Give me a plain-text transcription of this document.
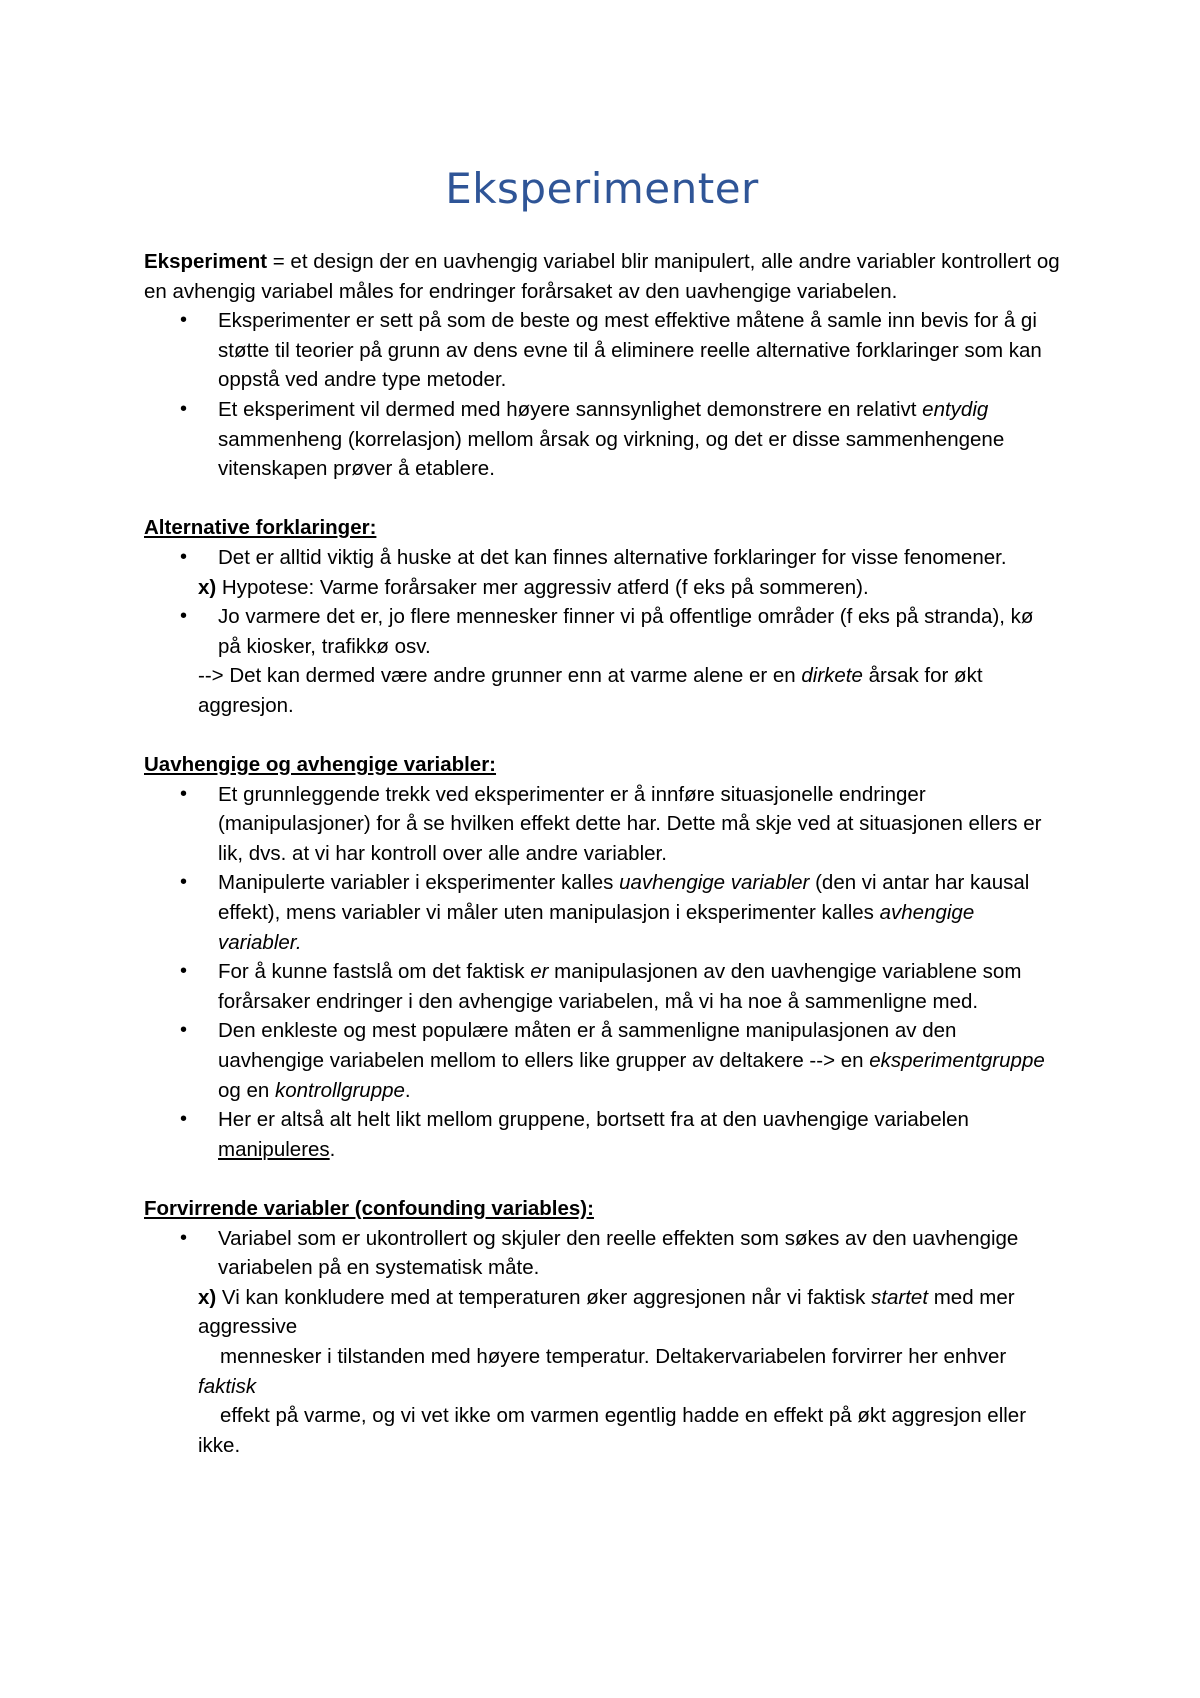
Eksperimenter

Eksperiment = et design der en uavhengig variabel blir manipulert, alle andre variabler kontrollert og en avhengig variabel måles for endringer forårsaket av den uavhengige variabelen.

• Eksperimenter er sett på som de beste og mest effektive måtene å samle inn bevis for å gi støtte til teorier på grunn av dens evne til å eliminere reelle alternative forklaringer som kan oppstå ved andre type metoder.
• Et eksperiment vil dermed med høyere sannsynlighet demonstrere en relativt entydig sammenheng (korrelasjon) mellom årsak og virkning, og det er disse sammenhengene vitenskapen prøver å etablere.

Alternative forklaringer:

• Det er alltid viktig å huske at det kan finnes alternative forklaringer for visse fenomener.

x) Hypotese: Varme forårsaker mer aggressiv atferd (f eks på sommeren).

• Jo varmere det er, jo flere mennesker finner vi på offentlige områder (f eks på stranda), kø på kiosker, trafikkø osv.

--> Det kan dermed være andre grunner enn at varme alene er en dirkete årsak for økt aggresjon.

Uavhengige og avhengige variabler:

• Et grunnleggende trekk ved eksperimenter er å innføre situasjonelle endringer (manipulasjoner) for å se hvilken effekt dette har. Dette må skje ved at situasjonen ellers er lik, dvs. at vi har kontroll over alle andre variabler.
• Manipulerte variabler i eksperimenter kalles uavhengige variabler (den vi antar har kausal effekt), mens variabler vi måler uten manipulasjon i eksperimenter kalles avhengige variabler.
• For å kunne fastslå om det faktisk er manipulasjonen av den uavhengige variablene som forårsaker endringer i den avhengige variabelen, må vi ha noe å sammenligne med.
• Den enkleste og mest populære måten er å sammenligne manipulasjonen av den uavhengige variabelen mellom to ellers like grupper av deltakere --> en eksperimentgruppe og en kontrollgruppe.
• Her er altså alt helt likt mellom gruppene, bortsett fra at den uavhengige variabelen manipuleres.

Forvirrende variabler (confounding variables):

• Variabel som er ukontrollert og skjuler den reelle effekten som søkes av den uavhengige variabelen på en systematisk måte.

x) Vi kan konkludere med at temperaturen øker aggresjonen når vi faktisk startet med mer aggressive

mennesker i tilstanden med høyere temperatur. Deltakervariabelen forvirrer her enhver faktisk

effekt på varme, og vi vet ikke om varmen egentlig hadde en effekt på økt aggresjon eller ikke.
